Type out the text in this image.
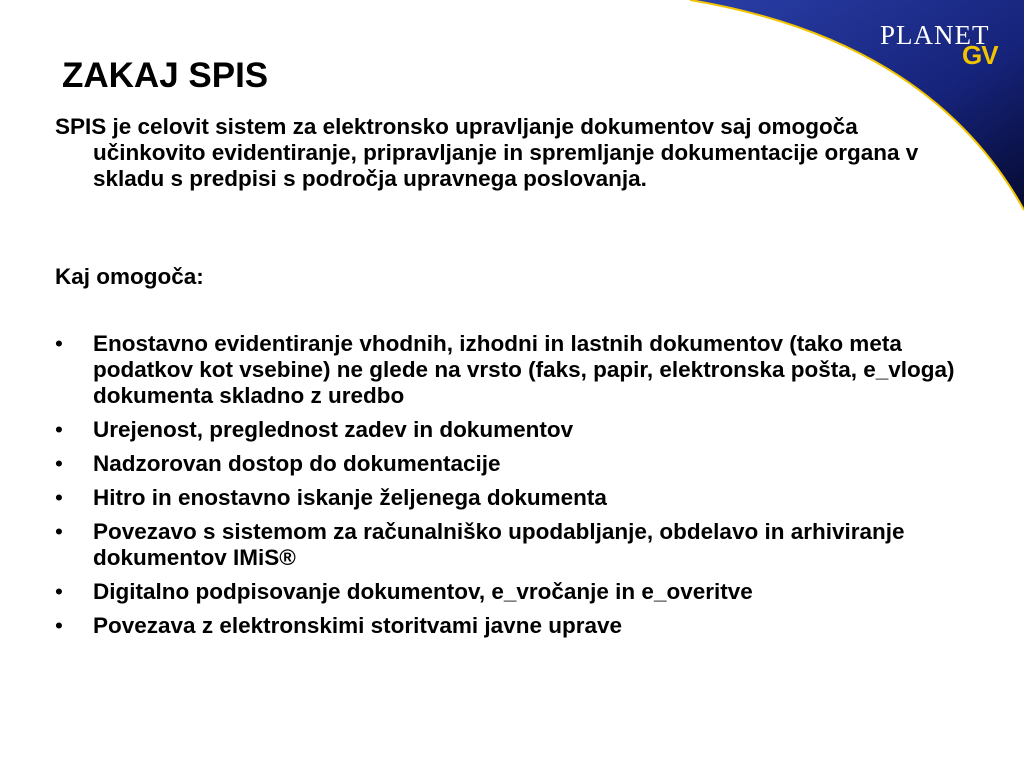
PLANET
GV
ZAKAJ SPIS
SPIS je celovit sistem za elektronsko upravljanje dokumentov saj omogoča učinkovito evidentiranje, pripravljanje in spremljanje dokumentacije organa v skladu s predpisi s področja upravnega poslovanja.
Kaj omogoča:
• Enostavno evidentiranje vhodnih, izhodni in lastnih dokumentov (tako meta podatkov kot vsebine) ne glede na vrsto (faks, papir, elektronska pošta, e_vloga) dokumenta skladno z uredbo
• Urejenost, preglednost zadev in dokumentov
• Nadzorovan dostop do dokumentacije
• Hitro in enostavno iskanje željenega dokumenta
• Povezavo s sistemom za računalniško upodabljanje, obdelavo in arhiviranje dokumentov IMiS®
• Digitalno podpisovanje dokumentov, e_vročanje in e_overitve
• Povezava z elektronskimi storitvami javne uprave
